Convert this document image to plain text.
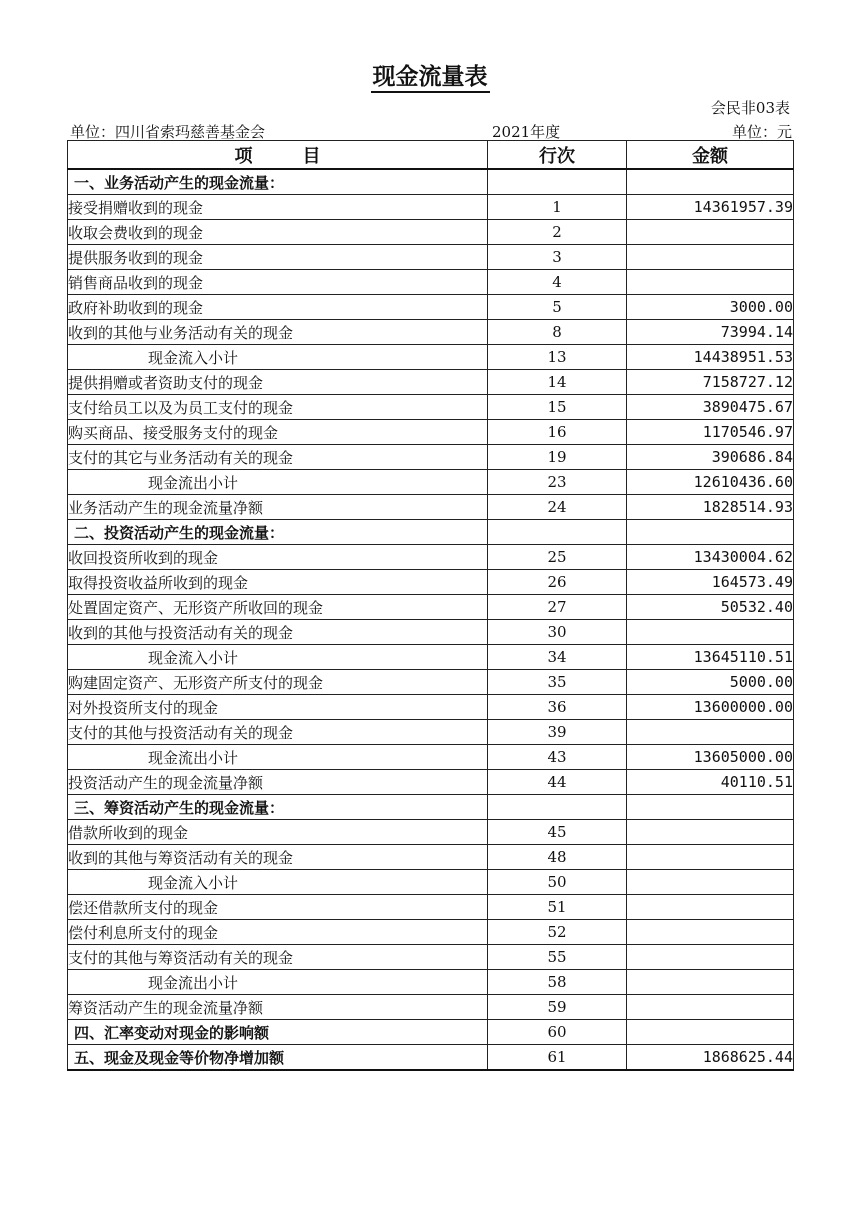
现金流量表
会民非03表
单位：四川省索玛慈善基金会	2021年度	单位：元
项目	行次	金额
一、业务活动产生的现金流量：		
接受捐赠收到的现金	1	14361957.39
收取会费收到的现金	2	
提供服务收到的现金	3	
销售商品收到的现金	4	
政府补助收到的现金	5	3000.00
收到的其他与业务活动有关的现金	8	73994.14
现金流入小计	13	14438951.53
提供捐赠或者资助支付的现金	14	7158727.12
支付给员工以及为员工支付的现金	15	3890475.67
购买商品、接受服务支付的现金	16	1170546.97
支付的其它与业务活动有关的现金	19	390686.84
现金流出小计	23	12610436.60
业务活动产生的现金流量净额	24	1828514.93
二、投资活动产生的现金流量：		
收回投资所收到的现金	25	13430004.62
取得投资收益所收到的现金	26	164573.49
处置固定资产、无形资产所收回的现金	27	50532.40
收到的其他与投资活动有关的现金	30	
现金流入小计	34	13645110.51
购建固定资产、无形资产所支付的现金	35	5000.00
对外投资所支付的现金	36	13600000.00
支付的其他与投资活动有关的现金	39	
现金流出小计	43	13605000.00
投资活动产生的现金流量净额	44	40110.51
三、筹资活动产生的现金流量：		
借款所收到的现金	45	
收到的其他与筹资活动有关的现金	48	
现金流入小计	50	
偿还借款所支付的现金	51	
偿付利息所支付的现金	52	
支付的其他与筹资活动有关的现金	55	
现金流出小计	58	
筹资活动产生的现金流量净额	59	
四、汇率变动对现金的影响额	60	
五、现金及现金等价物净增加额	61	1868625.44
